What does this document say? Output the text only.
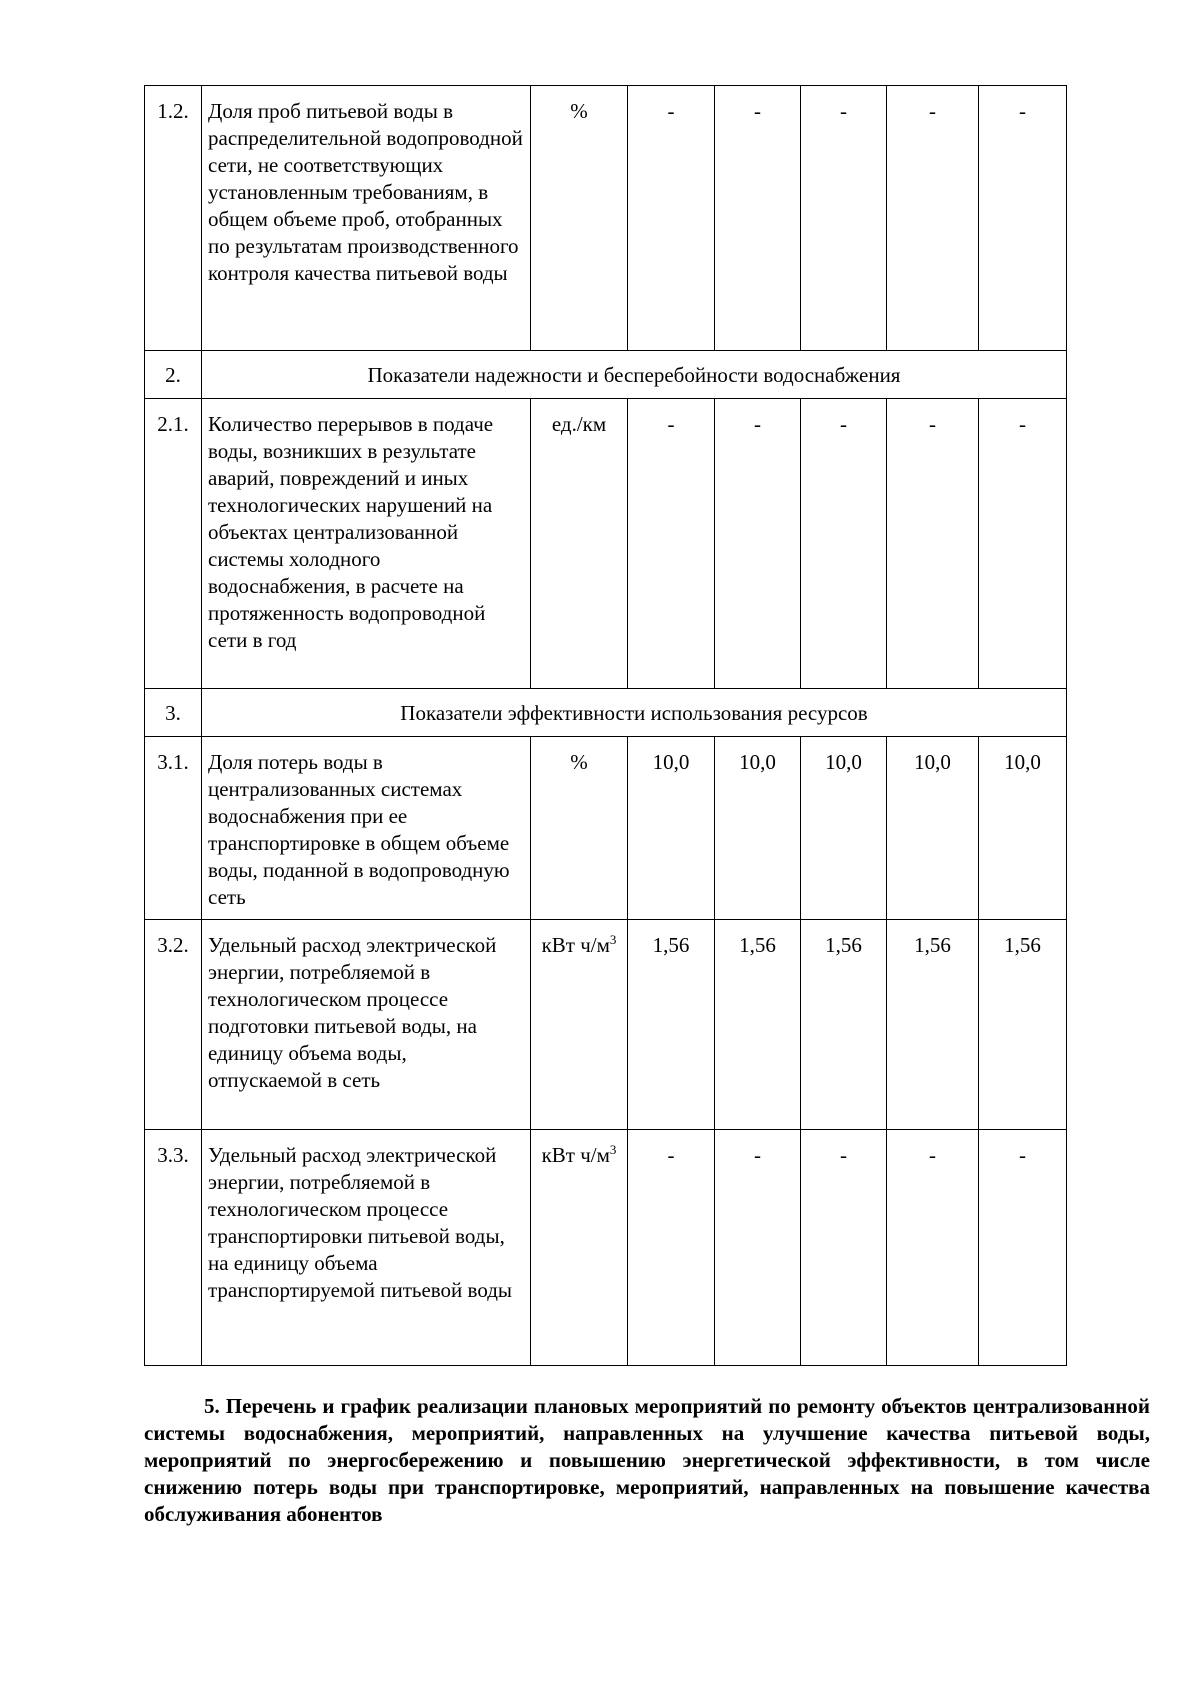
1.2.	Доля проб питьевой воды в распределительной водопроводной сети, не соответствующих установленным требованиям, в общем объеме проб, отобранных по результатам производственного контроля качества питьевой воды	%	-	-	-	-	-
2.	Показатели надежности и бесперебойности водоснабжения						
2.1.	Количество перерывов в подаче воды, возникших в результате аварий, повреждений и иных технологических нарушений на объектах централизованной системы холодного водоснабжения, в расчете на протяженность водопроводной сети в год	ед./км	-	-	-	-	-
3.	Показатели эффективности использования ресурсов						
3.1.	Доля потерь воды в централизованных системах водоснабжения при ее транспортировке в общем объеме воды, поданной в водопроводную сеть	%	10,0	10,0	10,0	10,0	10,0
3.2.	Удельный расход электрической энергии, потребляемой в технологическом процессе подготовки питьевой воды, на единицу объема воды, отпускаемой в сеть	кВт $ч/м^3$	1,56	1,56	1,56	1,56	1,56
3.3.	Удельный расход электрической энергии, потребляемой в технологическом процессе транспортировки питьевой воды, на единицу объема транспортируемой питьевой воды	кВт $ч/м^3$	-	-	-	-	-
5. Перечень и график реализации плановых мероприятий по ремонту объектов централизованной системы водоснабжения, мероприятий, направленных на улучшение качества питьевой воды, мероприятий по энергосбережению и повышению энергетической эффективности, в том числе снижению потерь воды при транспортировке, мероприятий, направленных на повышение качества обслуживания абонентов
